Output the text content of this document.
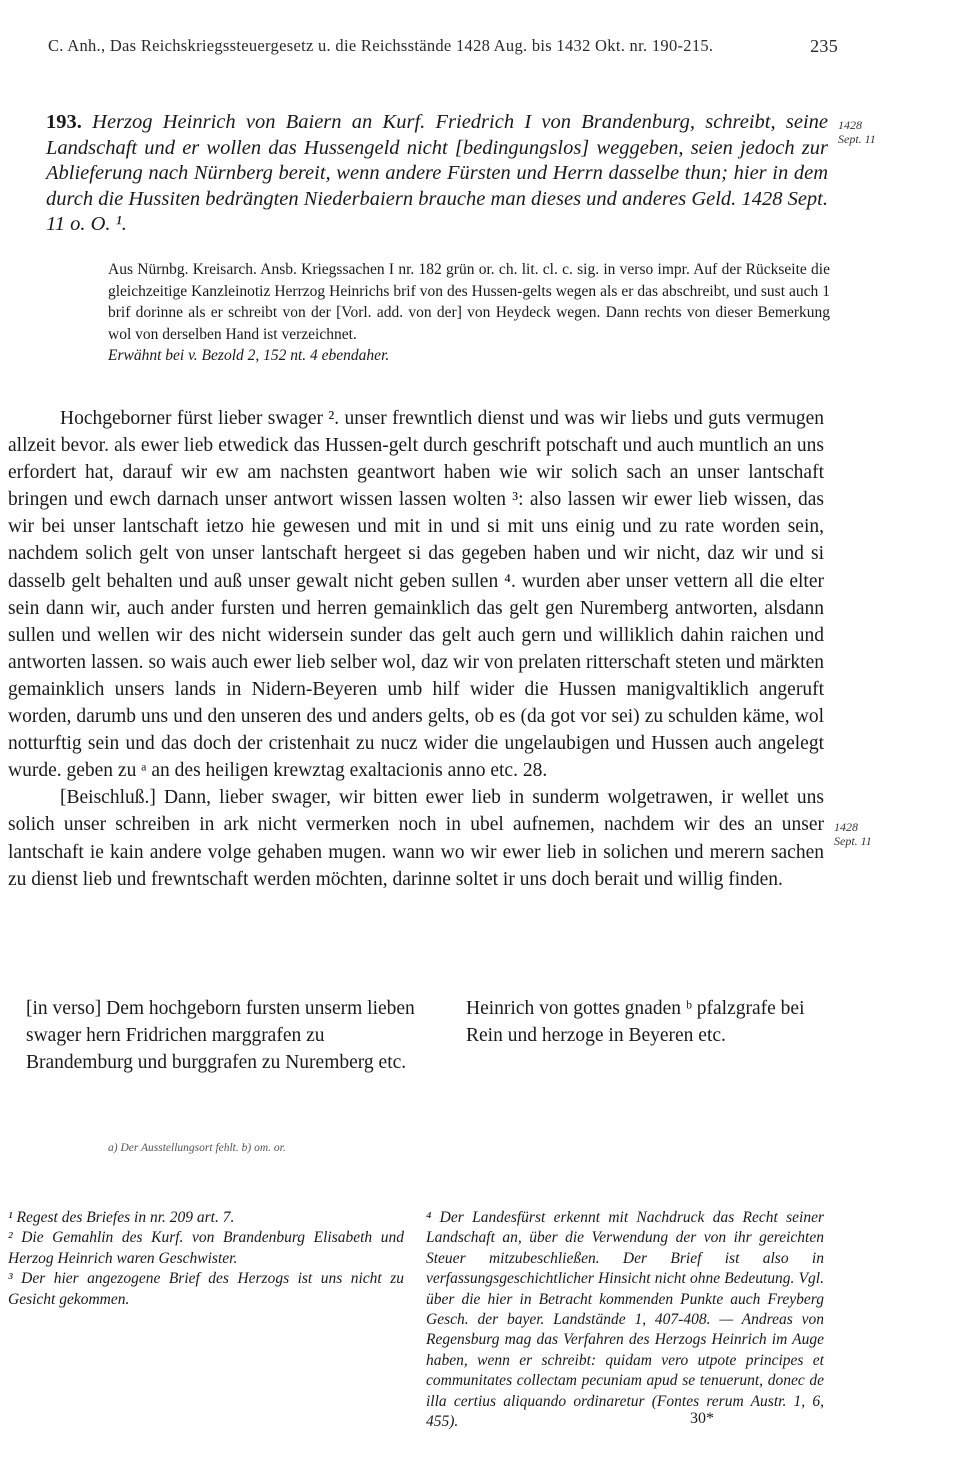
C. Anh., Das Reichskriegssteuergesetz u. die Reichsstände 1428 Aug. bis 1432 Okt. nr. 190-215.	235
193. Herzog Heinrich von Baiern an Kurf. Friedrich I von Brandenburg, schreibt, seine Landschaft und er wollen das Hussengeld nicht [bedingungslos] weggeben, seien jedoch zur Ablieferung nach Nürnberg bereit, wenn andere Fürsten und Herrn dasselbe thun; hier in dem durch die Hussiten bedrängten Niederbaiern brauche man dieses und anderes Geld. 1428 Sept. 11 o. O. ¹.
1428
Sept. 11
Aus Nürnbg. Kreisarch. Ansb. Kriegssachen I nr. 182 grün or. ch. lit. cl. c. sig. in verso impr. Auf der Rückseite die gleichzeitige Kanzleinotiz Herrzog Heinrichs brif von des Hussen-gelts wegen als er das abschreibt, und sust auch 1 brif dorinne als er schreibt von der [Vorl. add. von der] von Heydeck wegen. Dann rechts von dieser Bemerkung wol von derselben Hand ist verzeichnet.
Erwähnt bei v. Bezold 2, 152 nt. 4 ebendaher.

Hochgeborner fürst lieber swager ². unser frewntlich dienst und was wir liebs und guts vermugen allzeit bevor. als ewer lieb etwedick das Hussen-gelt durch geschrift potschaft und auch muntlich an uns erfordert hat, darauf wir ew am nachsten geantwort haben wie wir solich sach an unser lantschaft bringen und ewch darnach unser antwort wissen lassen wolten ³: also lassen wir ewer lieb wissen, das wir bei unser lantschaft ietzo hie gewesen und mit in und si mit uns einig und zu rate worden sein, nachdem solich gelt von unser lantschaft hergeet si das gegeben haben und wir nicht, daz wir und si dasselb gelt behalten und auß unser gewalt nicht geben sullen ⁴. wurden aber unser vettern all die elter sein dann wir, auch ander fursten und herren gemainklich das gelt gen Nuremberg antworten, alsdann sullen und wellen wir des nicht widersein sunder das gelt auch gern und williklich dahin raichen und antworten lassen. so wais auch ewer lieb selber wol, daz wir von prelaten ritterschaft steten und märkten gemainklich unsers lands in Nidern-Beyeren umb hilf wider die Hussen manigvaltiklich angeruft worden, darumb uns und den unseren des und anders gelts, ob es (da got vor sei) zu schulden käme, wol notturftig sein und das doch der cristenhait zu nucz wider die ungelaubigen und Hussen auch angelegt wurde. geben zu ᵃ an des heiligen krewztag exaltacionis anno etc. 28.

[Beischluß.] Dann, lieber swager, wir bitten ewer lieb in sunderm wolgetrawen, ir wellet uns solich unser schreiben in ark nicht vermerken noch in ubel aufnemen, nachdem wir des an unser lantschaft ie kain andere volge gehaben mugen. wann wo wir ewer lieb in solichen und merern sachen zu dienst lieb und frewntschaft werden möchten, darinne soltet ir uns doch berait und willig finden.

1428
Sept. 11
[in verso] Dem hochgeborn fursten unserm lieben swager hern Fridrichen marggrafen zu Brandemburg und burggrafen zu Nuremberg etc.
Heinrich von gottes gnaden ᵇ pfalzgrafe bei Rein und herzoge in Beyeren etc.
a) Der Ausstellungsort fehlt. b) om. or.

¹ Regest des Briefes in nr. 209 art. 7.

² Die Gemahlin des Kurf. von Brandenburg Elisabeth und Herzog Heinrich waren Geschwister.

³ Der hier angezogene Brief des Herzogs ist uns nicht zu Gesicht gekommen.

⁴ Der Landesfürst erkennt mit Nachdruck das Recht seiner Landschaft an, über die Verwendung der von ihr gereichten Steuer mitzubeschließen. Der Brief ist also in verfassungsgeschichtlicher Hinsicht nicht ohne Bedeutung. Vgl. über die hier in Betracht kommenden Punkte auch Freyberg Gesch. der bayer. Landstände 1, 407-408. — Andreas von Regensburg mag das Verfahren des Herzogs Heinrich im Auge haben, wenn er schreibt: quidam vero utpote principes et communitates collectam pecuniam apud se tenuerunt, donec de illa certius aliquando ordinaretur (Fontes rerum Austr. 1, 6, 455).	30*
